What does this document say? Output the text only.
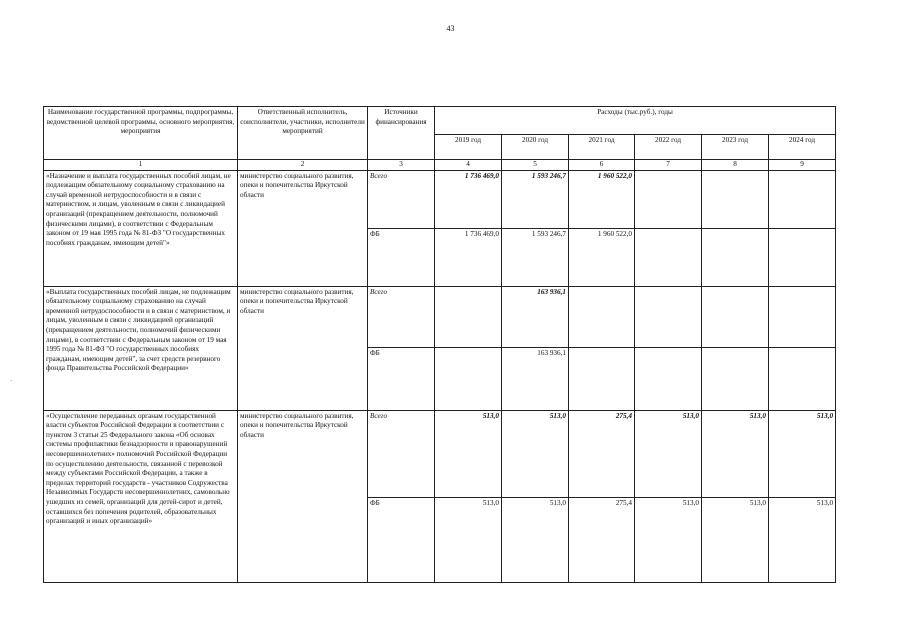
43
·
Наименование государственной программы, подпрограммы, ведомственной целевой программы, основного мероприятия, мероприятия	Ответственный исполнитель, соисполнители, участники, исполнители мероприятий	Источники финансирования	Расходы (тыс.руб.), годы					
			2019 год	2020 год	2021 год	2022 год	2023 год	2024 год
1	2	3	4	5	6	7	8	9
«Назначение и выплата государственных пособий лицам, не подлежащим обязательному социальному страхованию на случай временной нетрудоспособности и в связи с материнством, и лицам, уволенным в связи с ликвидацией организаций (прекращением деятельности, полномочий физическими лицами), в соответствии с Федеральным законом от 19 мая 1995 года № 81-ФЗ "О государственных пособиях гражданам, имеющим детей"»	министерство социального развития, опеки и попечительства Иркутской области	Всего	1 736 469,0	1 593 246,7	1 960 522,0			
		ФБ	1 736 469,0	1 593 246,7	1 960 522,0			
«Выплата государственных пособий лицам, не подлежащим обязательному социальному страхованию на случай временной нетрудоспособности и в связи с материнством, и лицам, уволенным в связи с ликвидацией организаций (прекращением деятельности, полномочий физическими лицами), в соответствии с Федеральным законом от 19 мая 1995 года № 81-ФЗ "О государственных пособиях гражданам, имеющим детей", за счет средств резервного фонда Правительства Российской Федерации»	министерство социального развития, опеки и попечительства Иркутской области	Всего		163 936,1				
		ФБ		163 936,1				
«Осуществление переданных органам государственной власти субъектов Российской Федерации в соответствии с пунктом 3 статьи 25 Федерального закона «Об основах системы профилактики безнадзорности и правонарушений несовершеннолетних» полномочий Российской Федерации по осуществлению деятельности, связанной с перевозкой между субъектами Российской Федерации, а также в пределах территорий государств - участников Содружества Независимых Государств несовершеннолетних, самовольно ушедших из семей, организаций для детей-сирот и детей, оставшихся без попечения родителей, образовательных организаций и иных организаций»	министерство социального развития, опеки и попечительства Иркутской области	Всего	513,0	513,0	275,4	513,0	513,0	513,0
		ФБ	513,0	513,0	275,4	513,0	513,0	513,0
